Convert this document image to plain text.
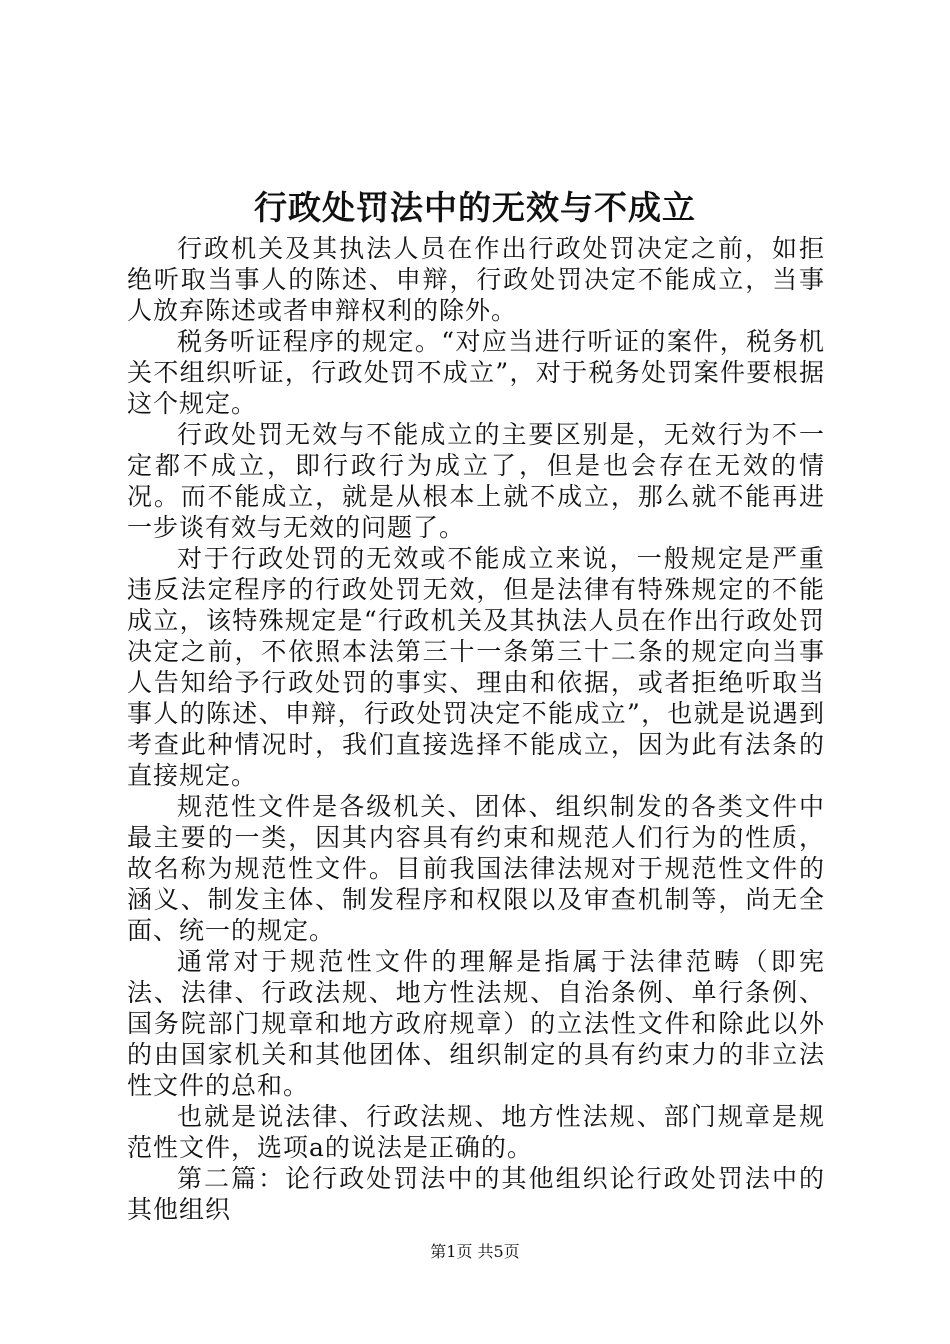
行政处罚法中的无效与不成立

行政机关及其执法人员在作出行政处罚决定之前，如拒绝听取当事人的陈述、申辩，行政处罚决定不能成立，当事人放弃陈述或者申辩权利的除外。

税务听证程序的规定。“对应当进行听证的案件，税务机关不组织听证，行政处罚不成立”，对于税务处罚案件要根据这个规定。

行政处罚无效与不能成立的主要区别是，无效行为不一定都不成立，即行政行为成立了，但是也会存在无效的情况。而不能成立，就是从根本上就不成立，那么就不能再进一步谈有效与无效的问题了。

对于行政处罚的无效或不能成立来说，一般规定是严重违反法定程序的行政处罚无效，但是法律有特殊规定的不能成立，该特殊规定是“行政机关及其执法人员在作出行政处罚决定之前，不依照本法第三十一条第三十二条的规定向当事人告知给予行政处罚的事实、理由和依据，或者拒绝听取当事人的陈述、申辩，行政处罚决定不能成立”，也就是说遇到考查此种情况时，我们直接选择不能成立，因为此有法条的直接规定。

规范性文件是各级机关、团体、组织制发的各类文件中最主要的一类，因其内容具有约束和规范人们行为的性质，故名称为规范性文件。目前我国法律法规对于规范性文件的涵义、制发主体、制发程序和权限以及审查机制等，尚无全面、统一的规定。

通常对于规范性文件的理解是指属于法律范畴（即宪法、法律、行政法规、地方性法规、自治条例、单行条例、国务院部门规章和地方政府规章）的立法性文件和除此以外的由国家机关和其他团体、组织制定的具有约束力的非立法性文件的总和。

也就是说法律、行政法规、地方性法规、部门规章是规范性文件，选项a的说法是正确的。

第二篇：论行政处罚法中的其他组织论行政处罚法中的其他组织

第1页 共5页
